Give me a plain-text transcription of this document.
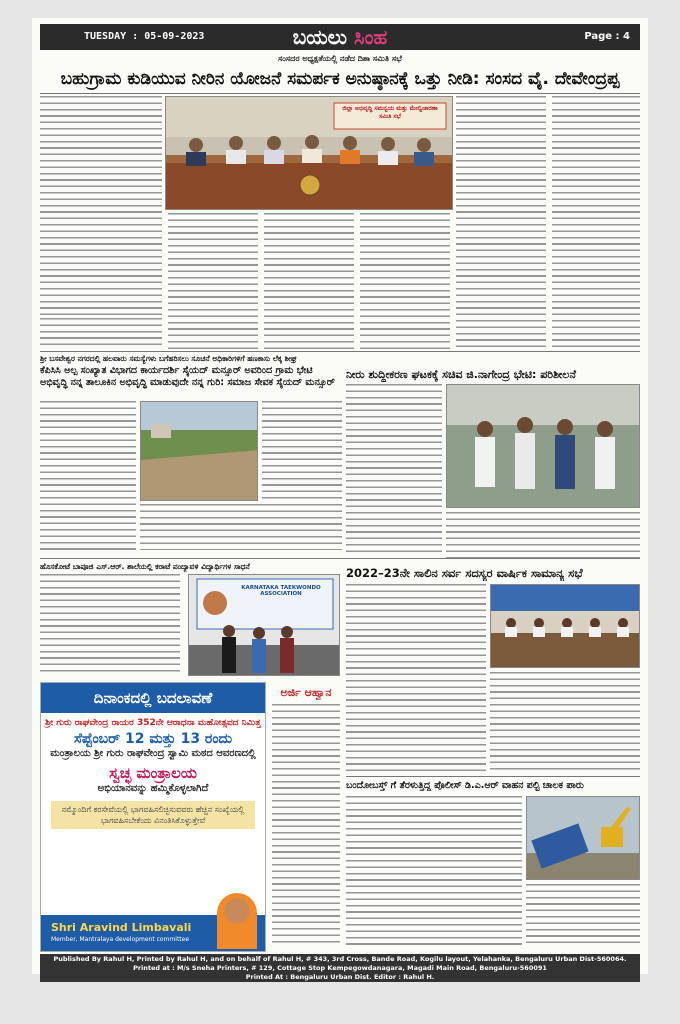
TUESDAY : 05-09-2023	ಬಯಲು ಸಿಂಹ	Page : 4
ಸಂಸದರ ಅಧ್ಯಕ್ಷತೆಯಲ್ಲಿ ನಡೆದ ದಿಶಾ ಸಮಿತಿ ಸಭೆ
ಬಹುಗ್ರಾಮ ಕುಡಿಯುವ ನೀರಿನ ಯೋಜನೆ ಸಮರ್ಪಕ ಅನುಷ್ಠಾನಕ್ಕೆ ಒತ್ತು ನೀಡಿ: ಸಂಸದ ವೈ. ದೇವೇಂದ್ರಪ್ಪ
ಜಿಲ್ಲಾ ಅಭಿವೃದ್ಧಿ ಸಮನ್ವಯ ಮತ್ತು ಮೇಲ್ವಿಚಾರಣಾ ಸಮಿತಿ ಸಭೆ
ಶ್ರೀ ಬಸವೇಶ್ವರ ನಗರದಲ್ಲಿ ಹಲವಾರು ಸಮಸ್ಯೆಗಳು ಬಗೆಹರಿಸಲು ಸೂಚನೆ ಅಧಿಕಾರಿಗಳಿಗೆ ಹಣಕಾಸು ಲೆಕ್ಕ ಶೀಘ್ರ
ಕೆಪಿಸಿಸಿ ಅಲ್ಪ ಸಂಖ್ಯಾತ ವಿಭಾಗದ ಕಾರ್ಯದರ್ಶಿ ಸೈಯದ್ ಮನ್ಸೂರ್ ಅವರಿಂದ ಗ್ರಾಮ ಭೇಟಿ ಅಭಿವೃದ್ಧಿ ನನ್ನ ತಾಲೂಕಿನ ಅಭಿವೃದ್ಧಿ ಮಾಡುವುದೇ ನನ್ನ ಗುರಿ: ಸಮಾಜ ಸೇವಕ ಸೈಯದ್ ಮನ್ಸೂರ್
ನೀರು ಶುದ್ಧೀಕರಣ ಘಟಕಕ್ಕೆ ಸಚಿವ ಜಿ.ನಾಗೇಂದ್ರ ಭೇಟಿ: ಪರಿಶೀಲನೆ
ಹೊಸಕೋಟೆ ಬಾಪೂಜಿ ಎಸ್.ಆರ್. ಶಾಲೆಯಲ್ಲಿ ಕರಾಟೆ ಪಂದ್ಯಾವಳಿ ವಿದ್ಯಾರ್ಥಿಗಳ ಸಾಧನೆ
KARNATAKA TAEKWONDO ASSOCIATION
2022–23ನೇ ಸಾಲಿನ ಸರ್ವ ಸದಸ್ಯರ ವಾರ್ಷಿಕ ಸಾಮಾನ್ಯ ಸಭೆ
ದಿನಾಂಕದಲ್ಲಿ ಬದಲಾವಣೆ
ಶ್ರೀ ಗುರು ರಾಘವೇಂದ್ರ ರಾಯರ 352ನೇ ಆರಾಧನಾ ಮಹೋತ್ಸವದ ನಿಮಿತ್ತ
ಸೆಪ್ಟೆಂಬರ್ 12 ಮತ್ತು 13 ರಂದು
ಮಂತ್ರಾಲಯ ಶ್ರೀ ಗುರು ರಾಘವೇಂದ್ರ ಸ್ವಾಮಿ ಮಠದ ಆವರಣದಲ್ಲಿ
ಸ್ವಚ್ಛ ಮಂತ್ರಾಲಯ
ಅಭಿಯಾನವನ್ನು ಹಮ್ಮಿಕೊಳ್ಳಲಾಗಿದೆ
ನಮ್ಮೊಂದಿಗೆ ಕರಸೇವೆಯಲ್ಲಿ ಭಾಗವಹಿಸಲಿಚ್ಛಿಸುವವರು ಹೆಚ್ಚಿನ ಸಂಖ್ಯೆಯಲ್ಲಿ ಭಾಗವಹಿಸಬೇಕೆಂದು ವಿನಂತಿಸಿಕೊಳ್ಳುತ್ತೇವೆ
Shri Aravind Limbavali
Member, Mantralaya development committee
ಅರ್ಜಿ ಆಹ್ವಾನ
ಬಂದೋಬಸ್ತ್ ಗೆ ತೆರಳುತ್ತಿದ್ದ ಪೊಲೀಸ್ ಡಿ.ಎ.ಆರ್ ವಾಹನ ಪಲ್ಟಿ ಚಾಲಕ ಪಾರು
Published By Rahul H, Printed by Rahul H, and on behalf of Rahul H, # 343, 3rd Cross, Bande Road, Kogilu layout, Yelahanka, Bengaluru Urban Dist-560064.
Printed at : M/s Sneha Printers, # 129, Cottage Stop Kempegowdanagara, Magadi Main Road, Bengaluru-560091
Printed At : Bengaluru Urban Dist. Editor : Rahul H.
